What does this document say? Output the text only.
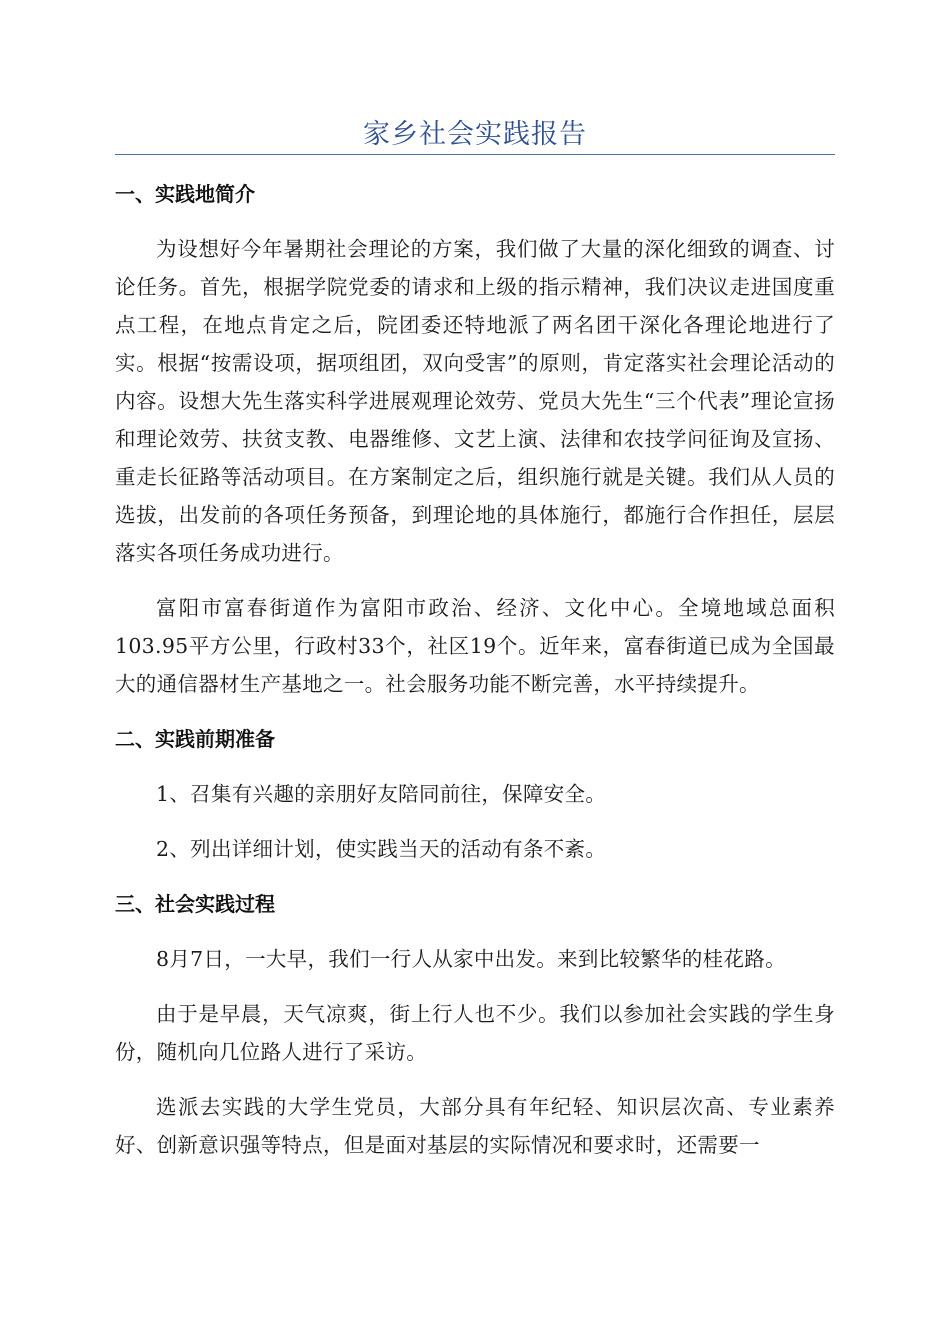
家乡社会实践报告
一、实践地简介

为设想好今年暑期社会理论的方案，我们做了大量的深化细致的调查、讨论任务。首先，根据学院党委的请求和上级的指示精神，我们决议走进国度重点工程，在地点肯定之后，院团委还特地派了两名团干深化各理论地进行了实。根据“按需设项，据项组团，双向受害”的原则，肯定落实社会理论活动的内容。设想大先生落实科学进展观理论效劳、党员大先生“三个代表”理论宣扬和理论效劳、扶贫支教、电器维修、文艺上演、法律和农技学问征询及宣扬、重走长征路等活动项目。在方案制定之后，组织施行就是关键。我们从人员的选拔，出发前的各项任务预备，到理论地的具体施行，都施行合作担任，层层落实各项任务成功进行。

富阳市富春街道作为富阳市政治、经济、文化中心。全境地域总面积103.95平方公里，行政村33个，社区19个。近年来，富春街道已成为全国最大的通信器材生产基地之一。社会服务功能不断完善，水平持续提升。

二、实践前期准备

1、召集有兴趣的亲朋好友陪同前往，保障安全。

2、列出详细计划，使实践当天的活动有条不紊。

三、社会实践过程

8月7日，一大早，我们一行人从家中出发。来到比较繁华的桂花路。

由于是早晨，天气凉爽，街上行人也不少。我们以参加社会实践的学生身份，随机向几位路人进行了采访。

选派去实践的大学生党员，大部分具有年纪轻、知识层次高、专业素养好、创新意识强等特点，但是面对基层的实际情况和要求时，还需要一
